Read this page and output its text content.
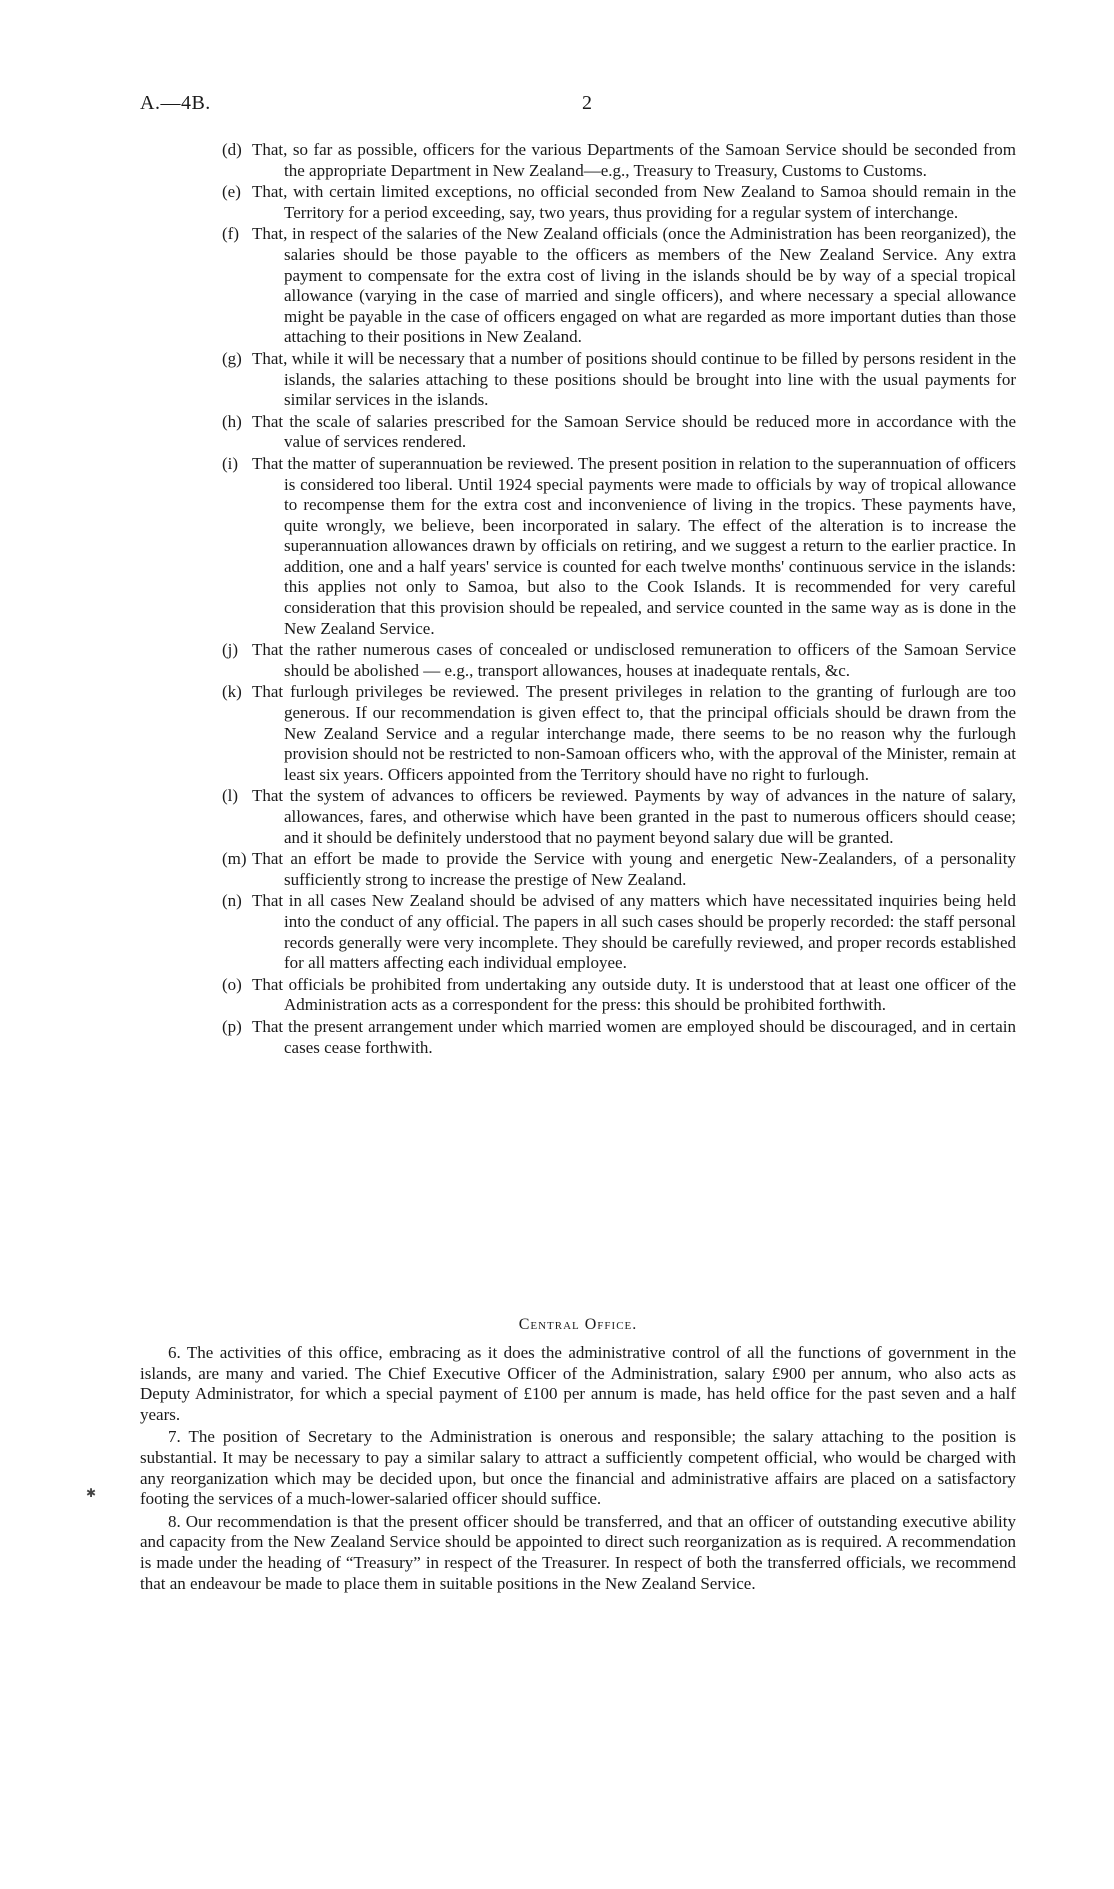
A.—4B.	2
(d) That, so far as possible, officers for the various Departments of the Samoan Service should be seconded from the appropriate Department in New Zealand—e.g., Treasury to Treasury, Customs to Customs.
(e) That, with certain limited exceptions, no official seconded from New Zealand to Samoa should remain in the Territory for a period exceeding, say, two years, thus providing for a regular system of interchange.
(f) That, in respect of the salaries of the New Zealand officials (once the Administration has been reorganized), the salaries should be those payable to the officers as members of the New Zealand Service. Any extra payment to compensate for the extra cost of living in the islands should be by way of a special tropical allowance (varying in the case of married and single officers), and where necessary a special allowance might be payable in the case of officers engaged on what are regarded as more important duties than those attaching to their positions in New Zealand.
(g) That, while it will be necessary that a number of positions should continue to be filled by persons resident in the islands, the salaries attaching to these positions should be brought into line with the usual payments for similar services in the islands.
(h) That the scale of salaries prescribed for the Samoan Service should be reduced more in accordance with the value of services rendered.
(i) That the matter of superannuation be reviewed. The present position in relation to the superannuation of officers is considered too liberal. Until 1924 special payments were made to officials by way of tropical allowance to recompense them for the extra cost and inconvenience of living in the tropics. These payments have, quite wrongly, we believe, been incorporated in salary. The effect of the alteration is to increase the superannuation allowances drawn by officials on retiring, and we suggest a return to the earlier practice. In addition, one and a half years' service is counted for each twelve months' continuous service in the islands: this applies not only to Samoa, but also to the Cook Islands. It is recommended for very careful consideration that this provision should be repealed, and service counted in the same way as is done in the New Zealand Service.
(j) That the rather numerous cases of concealed or undisclosed remuneration to officers of the Samoan Service should be abolished — e.g., transport allowances, houses at inadequate rentals, &c.
(k) That furlough privileges be reviewed. The present privileges in relation to the granting of furlough are too generous. If our recommendation is given effect to, that the principal officials should be drawn from the New Zealand Service and a regular interchange made, there seems to be no reason why the furlough provision should not be restricted to non-Samoan officers who, with the approval of the Minister, remain at least six years. Officers appointed from the Territory should have no right to furlough.
(l) That the system of advances to officers be reviewed. Payments by way of advances in the nature of salary, allowances, fares, and otherwise which have been granted in the past to numerous officers should cease; and it should be definitely understood that no payment beyond salary due will be granted.
(m) That an effort be made to provide the Service with young and energetic New-Zealanders, of a personality sufficiently strong to increase the prestige of New Zealand.
(n) That in all cases New Zealand should be advised of any matters which have necessitated inquiries being held into the conduct of any official. The papers in all such cases should be properly recorded: the staff personal records generally were very incomplete. They should be carefully reviewed, and proper records established for all matters affecting each individual employee.
(o) That officials be prohibited from undertaking any outside duty. It is understood that at least one officer of the Administration acts as a correspondent for the press: this should be prohibited forthwith.
(p) That the present arrangement under which married women are employed should be discouraged, and in certain cases cease forthwith.
Central Office.

6. The activities of this office, embracing as it does the administrative control of all the functions of government in the islands, are many and varied. The Chief Executive Officer of the Administration, salary £900 per annum, who also acts as Deputy Administrator, for which a special payment of £100 per annum is made, has held office for the past seven and a half years.

7. The position of Secretary to the Administration is onerous and responsible; the salary attaching to the position is substantial. It may be necessary to pay a similar salary to attract a sufficiently competent official, who would be charged with any reorganization which may be decided upon, but once the financial and administrative affairs are placed on a satisfactory footing the services of a much-lower-salaried officer should suffice.

8. Our recommendation is that the present officer should be transferred, and that an officer of outstanding executive ability and capacity from the New Zealand Service should be appointed to direct such reorganization as is required. A recommendation is made under the heading of “Treasury” in respect of the Treasurer. In respect of both the transferred officials, we recommend that an endeavour be made to place them in suitable positions in the New Zealand Service.

✱
